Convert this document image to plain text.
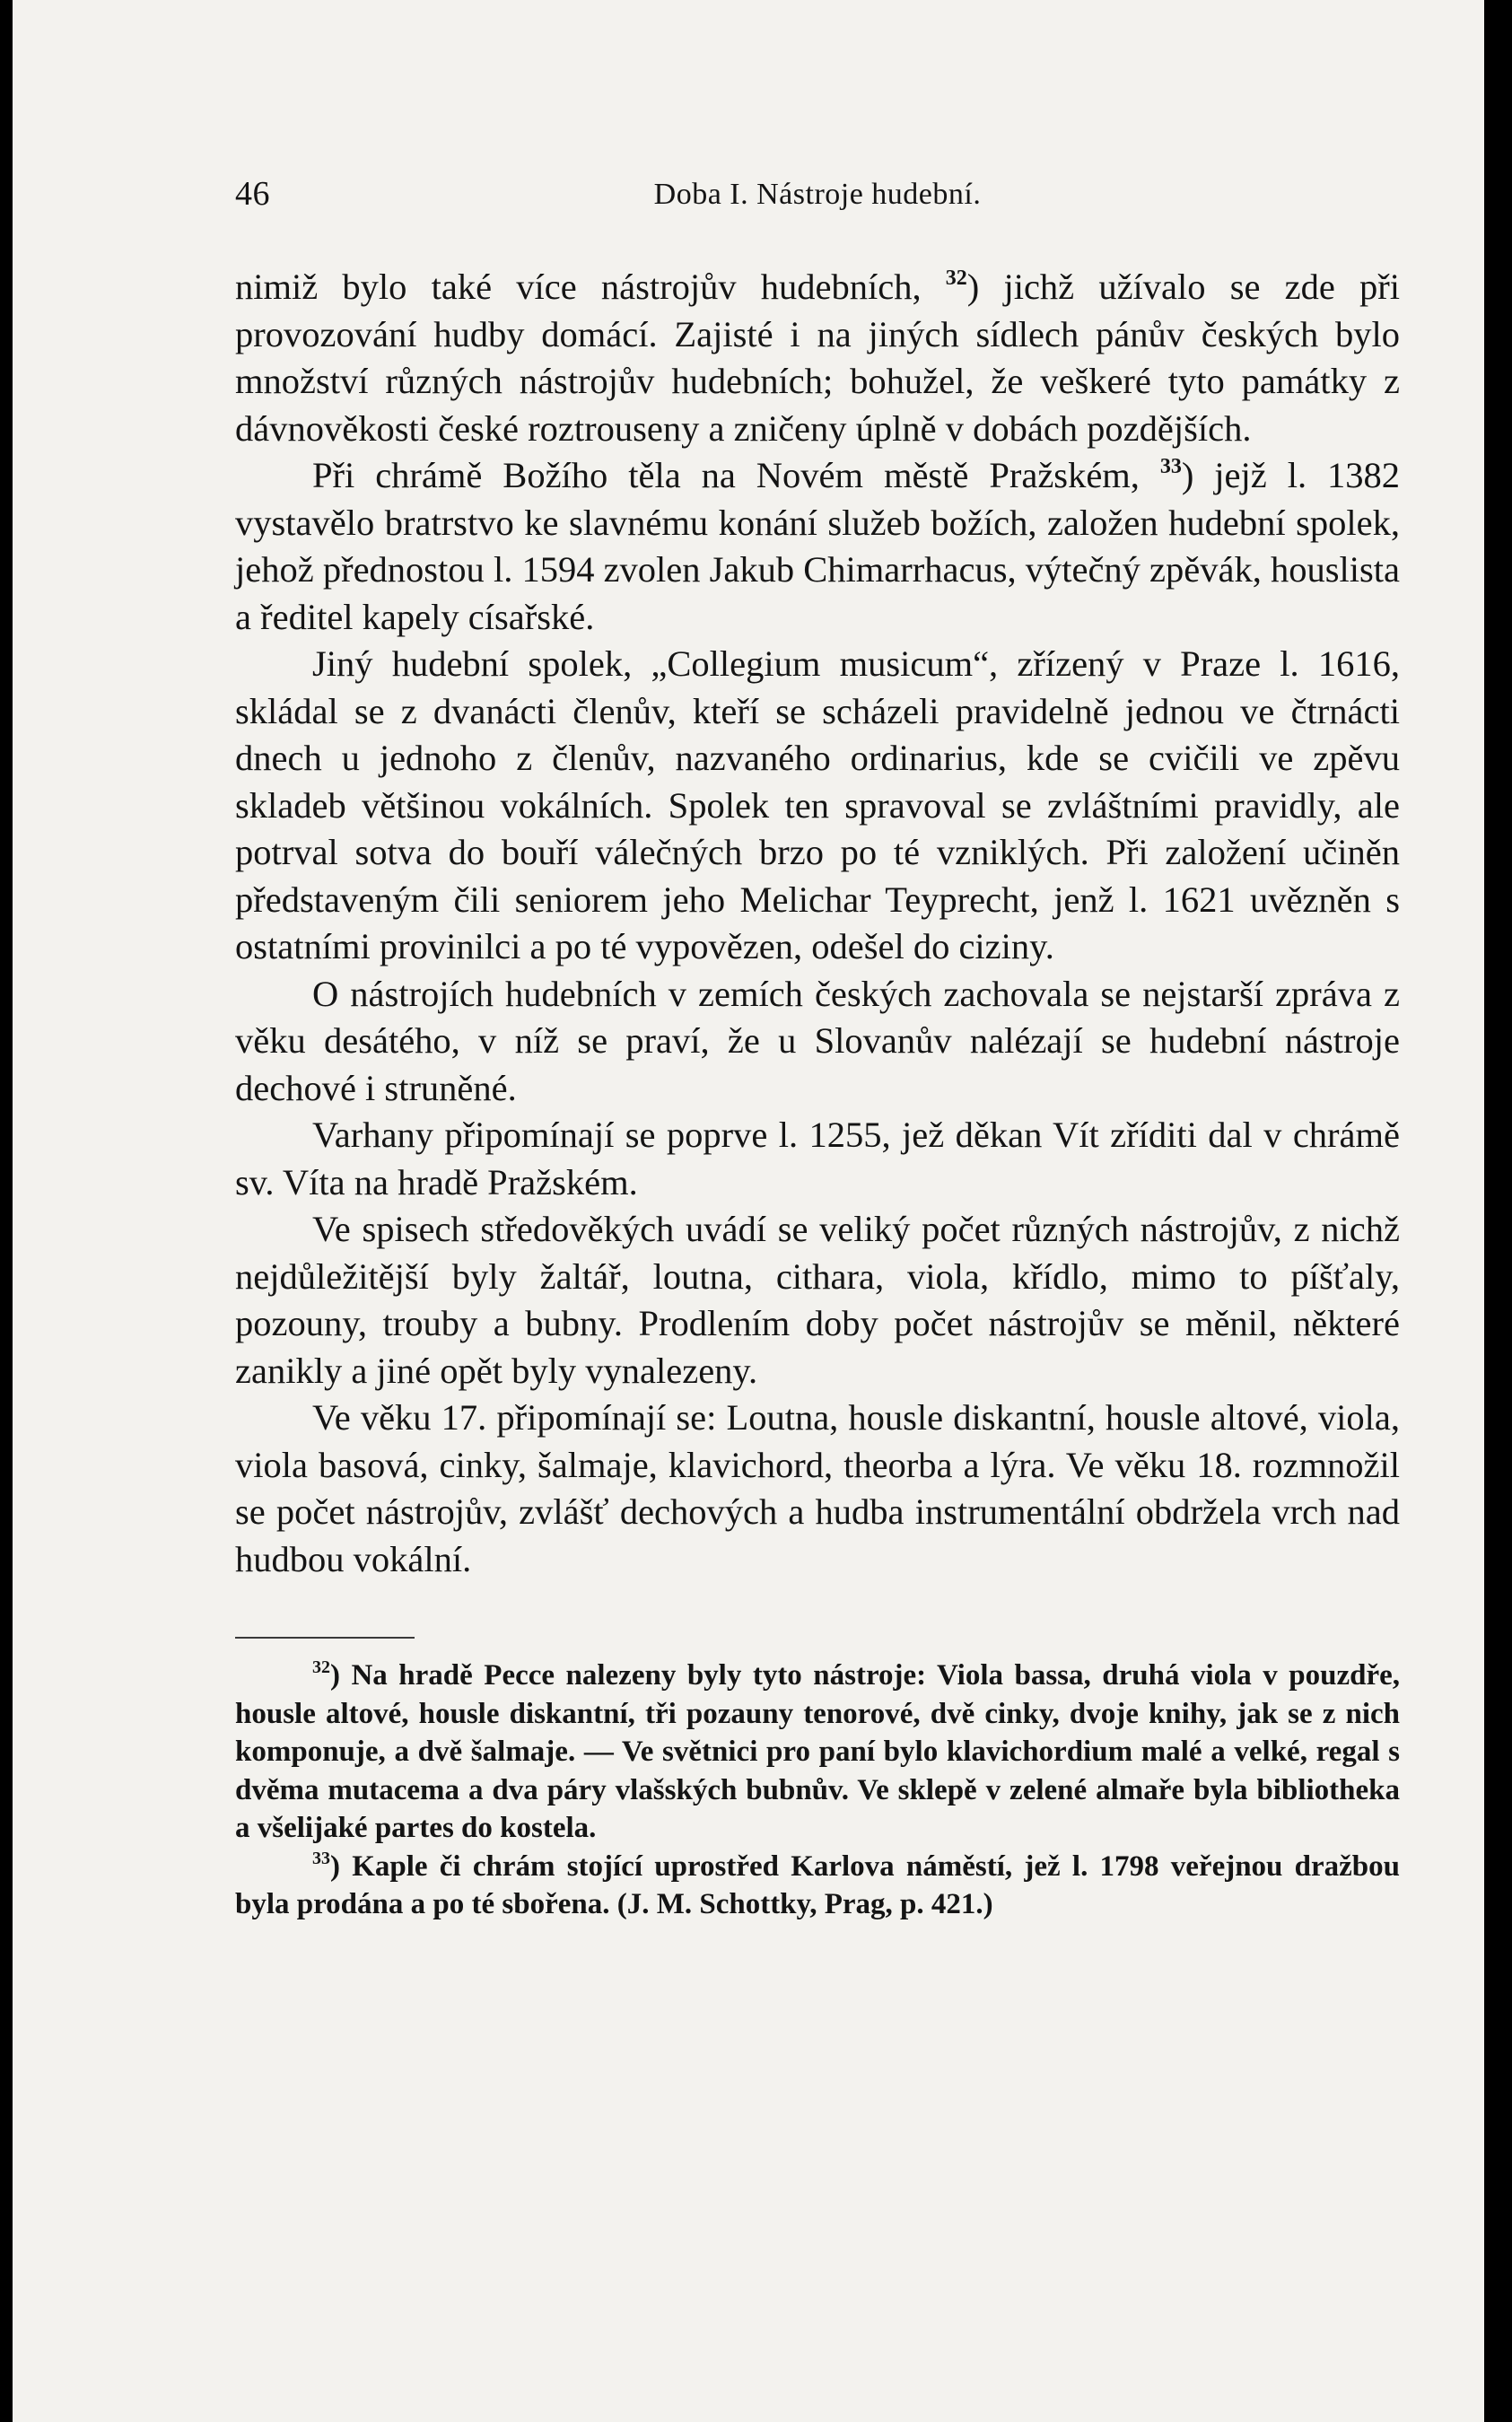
46	Doba I. Nástroje hudební.

nimiž bylo také více nástrojův hudebních, $^{32}$) jichž užívalo se zde při provozování hudby domácí. Zajisté i na jiných sídlech pánův českých bylo množství různých nástrojův hudebních; bohužel, že veškeré tyto památky z dávnověkosti české roztrouseny a zničeny úplně v dobách pozdějších.

Při chrámě Božího těla na Novém městě Pražském, $^{33}$) jejž l. 1382 vystavělo bratrstvo ke slavnému konání služeb božích, založen hudební spolek, jehož přednostou l. 1594 zvolen Jakub Chimarrhacus, výtečný zpěvák, houslista a ředitel kapely císařské.

Jiný hudební spolek, „Collegium musicum“, zřízený v Praze l. 1616, skládal se z dvanácti členův, kteří se scházeli pravidelně jednou ve čtrnácti dnech u jednoho z členův, nazvaného ordinarius, kde se cvičili ve zpěvu skladeb většinou vokálních. Spolek ten spravoval se zvláštními pravidly, ale potrval sotva do bouří válečných brzo po té vzniklých. Při založení učiněn představeným čili seniorem jeho Melichar Teyprecht, jenž l. 1621 uvězněn s ostatními provinilci a po té vypovězen, odešel do ciziny.

O nástrojích hudebních v zemích českých zachovala se nejstarší zpráva z věku desátého, v níž se praví, že u Slovanův nalézají se hudební nástroje dechové i struněné.

Varhany připomínají se poprve l. 1255, jež děkan Vít zříditi dal v chrámě sv. Víta na hradě Pražském.

Ve spisech středověkých uvádí se veliký počet různých nástrojův, z nichž nejdůležitější byly žaltář, loutna, cithara, viola, křídlo, mimo to píšťaly, pozouny, trouby a bubny. Prodlením doby počet nástrojův se měnil, některé zanikly a jiné opět byly vynalezeny.

Ve věku 17. připomínají se: Loutna, housle diskantní, housle altové, viola, viola basová, cinky, šalmaje, klavichord, theorba a lýra. Ve věku 18. rozmnožil se počet nástrojův, zvlášť dechových a hudba instrumentální obdržela vrch nad hudbou vokální.

$^{32}$) Na hradě Pecce nalezeny byly tyto nástroje: Viola bassa, druhá viola v pouzdře, housle altové, housle diskantní, tři pozauny tenorové, dvě cinky, dvoje knihy, jak se z nich komponuje, a dvě šalmaje. — Ve světnici pro paní bylo klavichordium malé a velké, regal s dvěma mutacema a dva páry vlašských bubnův. Ve sklepě v zelené almaře byla bibliotheka a všelijaké partes do kostela.

$^{33}$) Kaple či chrám stojící uprostřed Karlova náměstí, jež l. 1798 veřejnou dražbou byla prodána a po té sbořena. (J. M. Schottky, Prag, p. 421.)
